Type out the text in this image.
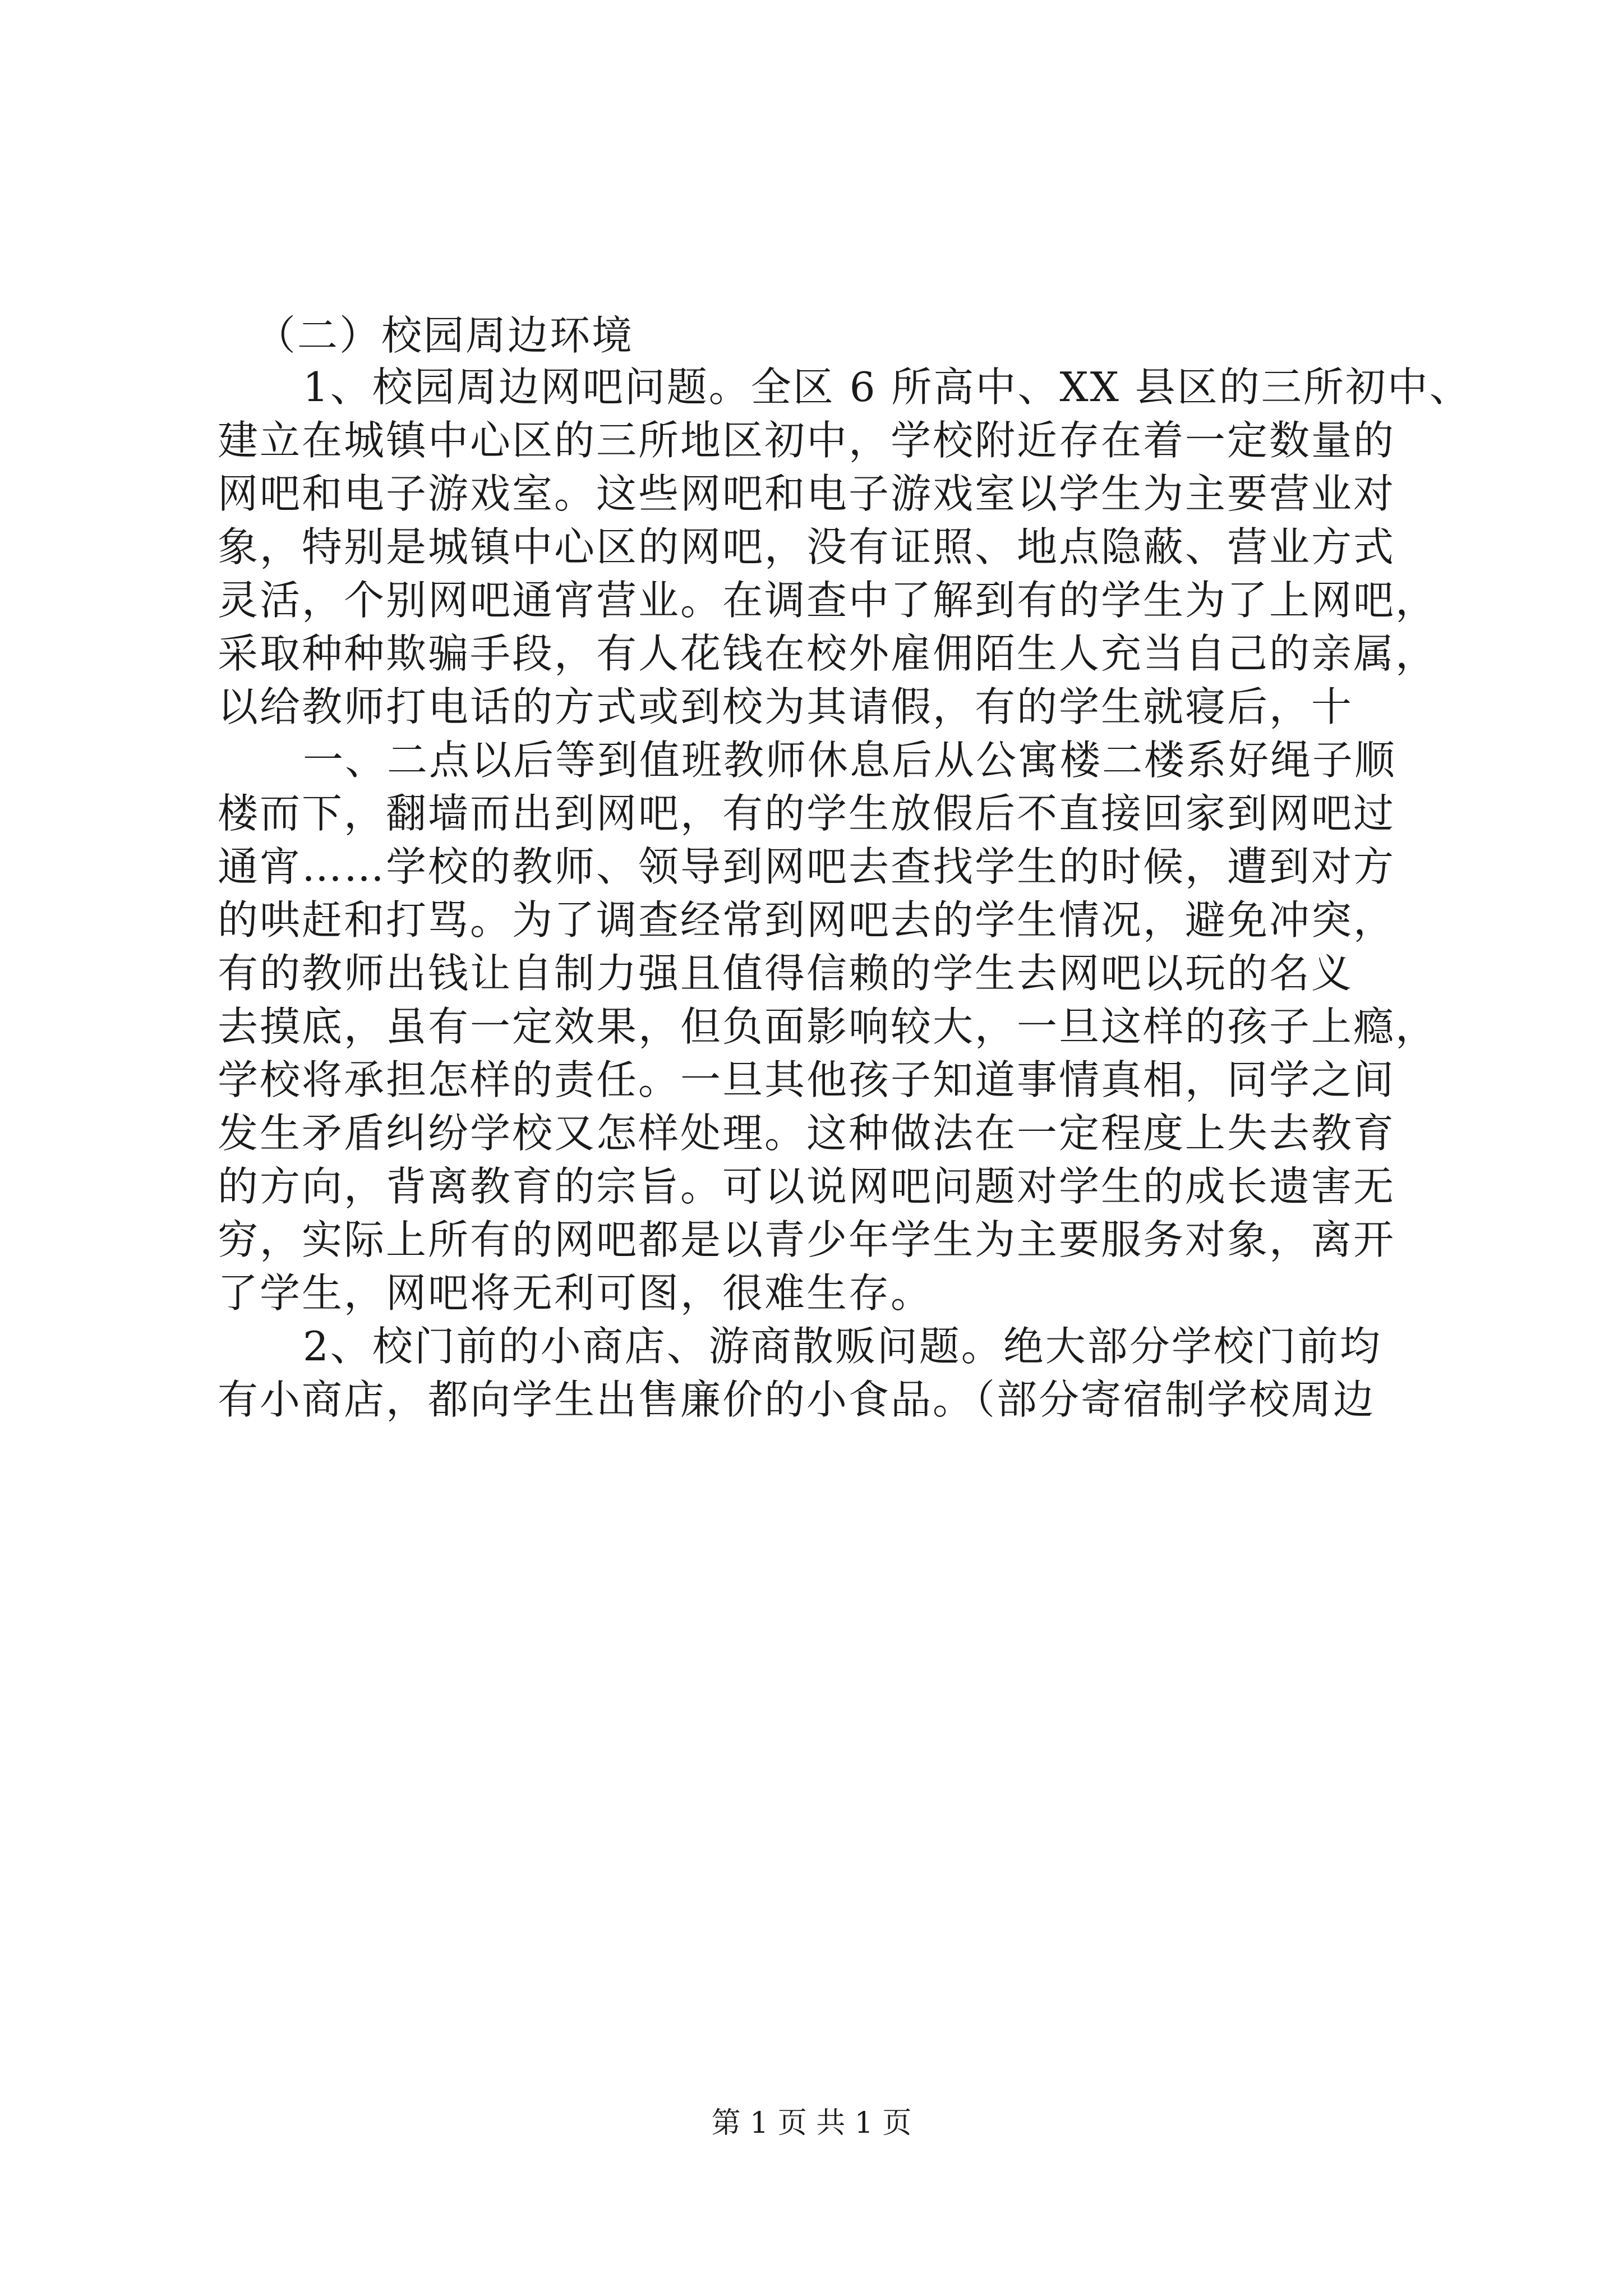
（二）校园周边环境
1、校园周边网吧问题。全区 6 所高中、XX 县区的三所初中、
建立在城镇中心区的三所地区初中，学校附近存在着一定数量的
网吧和电子游戏室。这些网吧和电子游戏室以学生为主要营业对
象，特别是城镇中心区的网吧，没有证照、地点隐蔽、营业方式
灵活，个别网吧通宵营业。在调查中了解到有的学生为了上网吧，
采取种种欺骗手段，有人花钱在校外雇佣陌生人充当自己的亲属，
以给教师打电话的方式或到校为其请假，有的学生就寝后，十
一、二点以后等到值班教师休息后从公寓楼二楼系好绳子顺
楼而下，翻墙而出到网吧，有的学生放假后不直接回家到网吧过
通宵……学校的教师、领导到网吧去查找学生的时候，遭到对方
的哄赶和打骂。为了调查经常到网吧去的学生情况，避免冲突，
有的教师出钱让自制力强且值得信赖的学生去网吧以玩的名义
去摸底，虽有一定效果，但负面影响较大，一旦这样的孩子上瘾，
学校将承担怎样的责任。一旦其他孩子知道事情真相，同学之间
发生矛盾纠纷学校又怎样处理。这种做法在一定程度上失去教育
的方向，背离教育的宗旨。可以说网吧问题对学生的成长遗害无
穷，实际上所有的网吧都是以青少年学生为主要服务对象，离开
了学生，网吧将无利可图，很难生存。
2、校门前的小商店、游商散贩问题。绝大部分学校门前均
有小商店，都向学生出售廉价的小食品。（部分寄宿制学校周边
第 1 页 共 1 页
